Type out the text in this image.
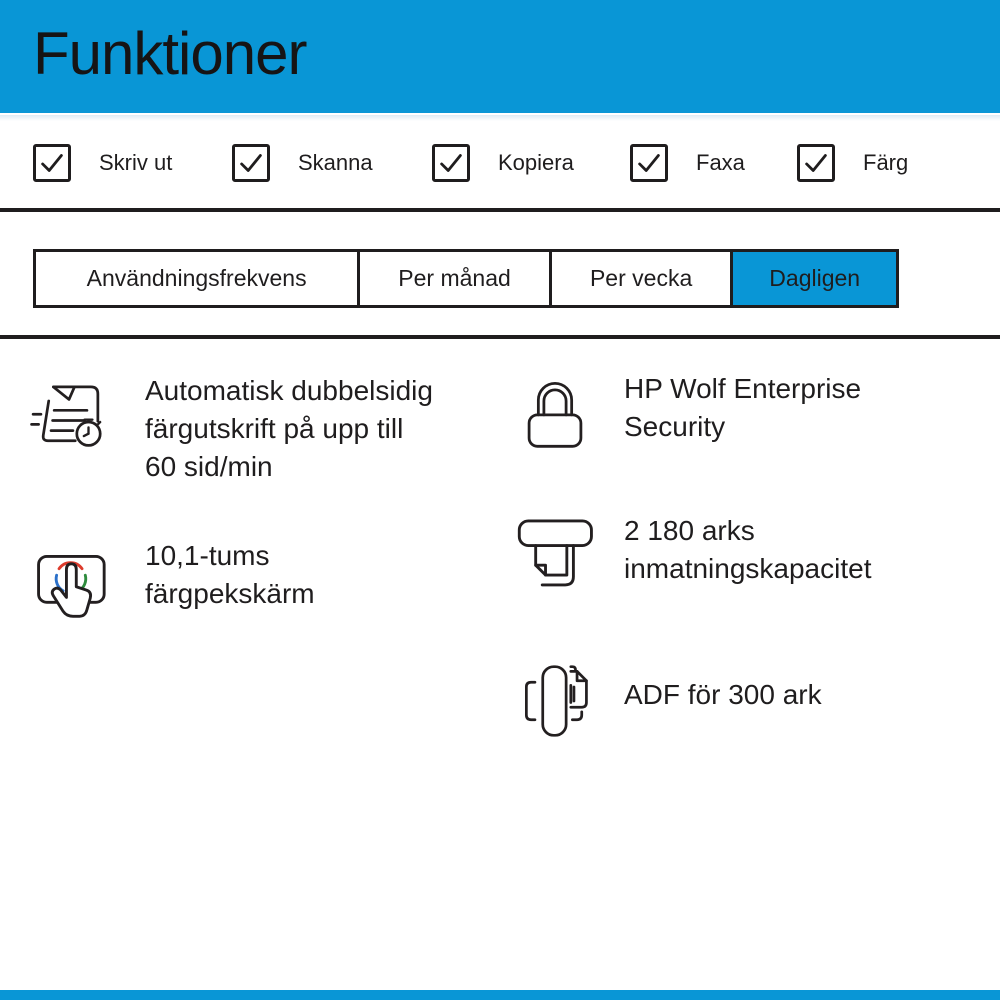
Funktioner
Skriv ut	Skanna	Kopiera	Faxa	Färg
Användningsfrekvens	Per månad	Per vecka	Dagligen
Automatisk dubbelsidig
färgutskrift på upp till
60 sid/min
HP Wolf Enterprise
Security
10,1-tums
färgpekskärm
2 180 arks
inmatningskapacitet
ADF för 300 ark
